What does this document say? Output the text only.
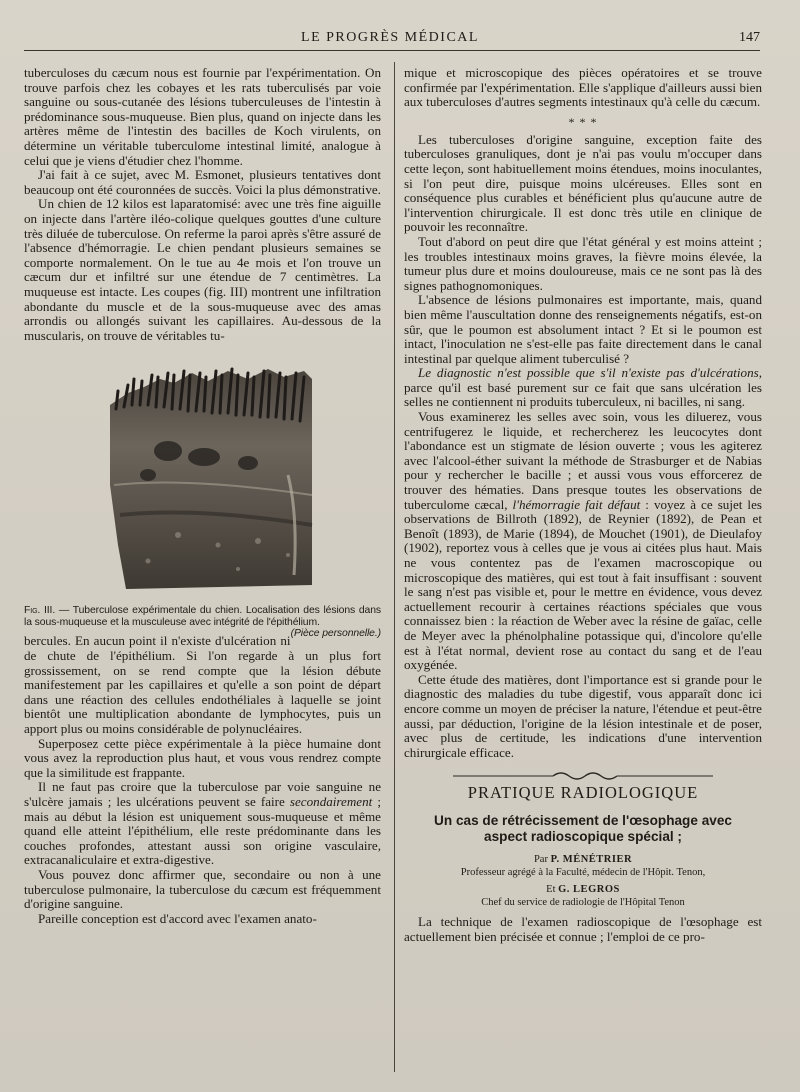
LE PROGRÈS MÉDICAL	147

tuberculoses du cæcum nous est fournie par l'expérimentation. On trouve parfois chez les cobayes et les rats tuberculisés par voie sanguine ou sous-cutanée des lésions tuberculeuses de l'intestin à prédominance sous-muqueuse. Bien plus, quand on injecte dans les artères même de l'intestin des bacilles de Koch virulents, on détermine un véritable tuberculome intestinal limité, analogue à celui que je viens d'étudier chez l'homme.

J'ai fait à ce sujet, avec M. Esmonet, plusieurs tentatives dont beaucoup ont été couronnées de succès. Voici la plus démonstrative.

Un chien de 12 kilos est laparatomisé: avec une très fine aiguille on injecte dans l'artère iléo-colique quelques gouttes d'une culture très diluée de tuberculose. On referme la paroi après s'être assuré de l'absence d'hémorragie. Le chien pendant plusieurs semaines se comporte normalement. On le tue au 4e mois et l'on trouve un cæcum dur et infiltré sur une étendue de 7 centimètres. La muqueuse est intacte. Les coupes (fig. III) montrent une infiltration abondante du muscle et de la sous-muqueuse avec des amas arrondis ou allongés suivant les capillaires. Au-dessous de la muscularis, on trouve de véritables tu-

Fig. III. — Tuberculose expérimentale du chien. Localisation des lésions dans la sous-muqueuse et la musculeuse avec intégrité de l'épithélium.
(Pièce personnelle.)

bercules. En aucun point il n'existe d'ulcération ni de chute de l'épithélium. Si l'on regarde à un plus fort grossissement, on se rend compte que la lésion débute manifestement par les capillaires et qu'elle a son point de départ dans une réaction des cellules endothéliales à laquelle se joint bientôt une multiplication abondante de lymphocytes, puis un apport plus ou moins considérable de polynucléaires.

Superposez cette pièce expérimentale à la pièce humaine dont vous avez la reproduction plus haut, et vous vous rendrez compte que la similitude est frappante.

Il ne faut pas croire que la tuberculose par voie sanguine ne s'ulcère jamais ; les ulcérations peuvent se faire secondairement ; mais au début la lésion est uniquement sous-muqueuse et même quand elle atteint l'épithélium, elle reste prédominante dans les couches profondes, attestant aussi son origine vasculaire, extracanaliculaire et extra-digestive.

Vous pouvez donc affirmer que, secondaire ou non à une tuberculose pulmonaire, la tuberculose du cæcum est fréquemment d'origine sanguine.

Pareille conception est d'accord avec l'examen anato-

mique et microscopique des pièces opératoires et se trouve confirmée par l'expérimentation. Elle s'applique d'ailleurs aussi bien aux tuberculoses d'autres segments intestinaux qu'à celle du cæcum.

* * *

Les tuberculoses d'origine sanguine, exception faite des tuberculoses granuliques, dont je n'ai pas voulu m'occuper dans cette leçon, sont habituellement moins étendues, moins inoculantes, si l'on peut dire, puisque moins ulcéreuses. Elles sont en conséquence plus curables et bénéficient plus qu'aucune autre de l'intervention chirurgicale. Il est donc très utile en clinique de pouvoir les reconnaître.

Tout d'abord on peut dire que l'état général y est moins atteint ; les troubles intestinaux moins graves, la fièvre moins élevée, la tumeur plus dure et moins douloureuse, mais ce ne sont pas là des signes pathognomoniques.

L'absence de lésions pulmonaires est importante, mais, quand bien même l'auscultation donne des renseignements négatifs, est-on sûr, que le poumon est absolument intact ? Et si le poumon est intact, l'inoculation ne s'est-elle pas faite directement dans le canal intestinal par quelque aliment tuberculisé ?

Le diagnostic n'est possible que s'il n'existe pas d'ulcérations, parce qu'il est basé purement sur ce fait que sans ulcération les selles ne contiennent ni produits tuberculeux, ni bacilles, ni sang.

Vous examinerez les selles avec soin, vous les diluerez, vous centrifugerez le liquide, et rechercherez les leucocytes dont l'abondance est un stigmate de lésion ouverte ; vous les agiterez avec l'alcool-éther suivant la méthode de Strasburger et de Nabias pour y rechercher le bacille ; et aussi vous vous efforcerez de trouver des hématies. Dans presque toutes les observations de tuberculome cæcal, l'hémorragie fait défaut : voyez à ce sujet les observations de Billroth (1892), de Reynier (1892), de Pean et Benoît (1893), de Marie (1894), de Mouchet (1901), de Dieulafoy (1902), reportez vous à celles que je vous ai citées plus haut. Mais ne vous contentez pas de l'examen macroscopique ou microscopique des matières, qui est tout à fait insuffisant : souvent le sang n'est pas visible et, pour le mettre en évidence, vous devez actuellement recourir à certaines réactions spéciales que vous connaissez bien : la réaction de Weber avec la résine de gaïac, celle de Meyer avec la phénolphaline potassique qui, d'incolore qu'elle est à l'état normal, devient rose au contact du sang et de l'eau oxygénée.

Cette étude des matières, dont l'importance est si grande pour le diagnostic des maladies du tube digestif, vous apparaît donc ici encore comme un moyen de préciser la nature, l'étendue et peut-être aussi, par déduction, l'origine de la lésion intestinale et de poser, avec plus de certitude, les indications d'une intervention chirurgicale efficace.

PRATIQUE RADIOLOGIQUE
Un cas de rétrécissement de l'œsophage avec
aspect radioscopique spécial ;
Par P. MÉNÉTRIER
Professeur agrégé à la Faculté, médecin de l'Hôpit. Tenon,
Et G. LEGROS
Chef du service de radiologie de l'Hôpital Tenon

La technique de l'examen radioscopique de l'œsophage est actuellement bien précisée et connue ; l'emploi de ce pro-
